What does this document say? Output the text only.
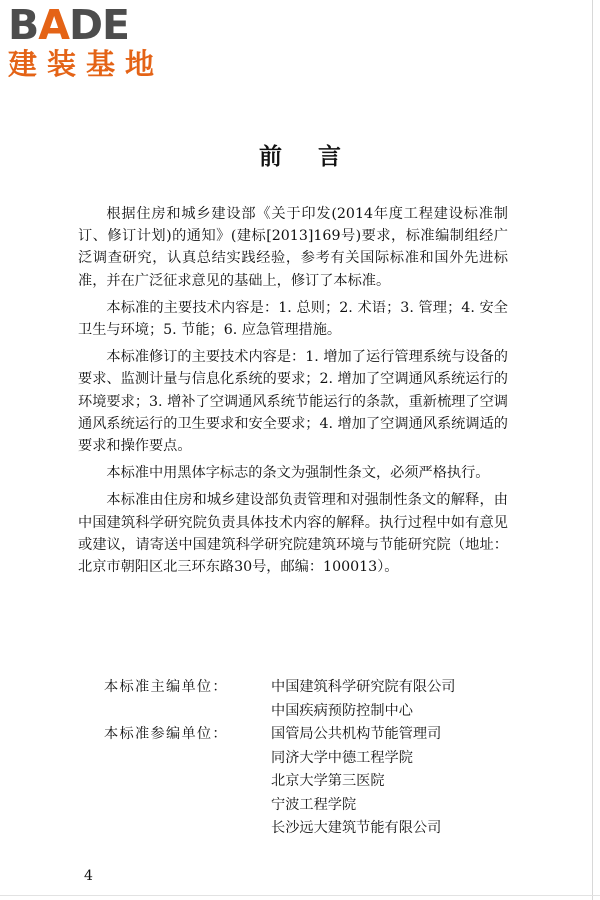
BADE
建装基地
前言

根据住房和城乡建设部《关于印发(2014年度工程建设标准制订、修订计划)的通知》(建标[2013]169号)要求，标准编制组经广泛调查研究，认真总结实践经验，参考有关国际标准和国外先进标准，并在广泛征求意见的基础上，修订了本标准。

本标准的主要技术内容是：1. 总则；2. 术语；3. 管理；4. 安全卫生与环境；5. 节能；6. 应急管理措施。

本标准修订的主要技术内容是：1. 增加了运行管理系统与设备的要求、监测计量与信息化系统的要求；2. 增加了空调通风系统运行的环境要求；3. 增补了空调通风系统节能运行的条款，重新梳理了空调通风系统运行的卫生要求和安全要求；4. 增加了空调通风系统调适的要求和操作要点。

本标准中用黑体字标志的条文为强制性条文，必须严格执行。

本标准由住房和城乡建设部负责管理和对强制性条文的解释，由中国建筑科学研究院负责具体技术内容的解释。执行过程中如有意见或建议，请寄送中国建筑科学研究院建筑环境与节能研究院（地址：北京市朝阳区北三环东路30号，邮编：100013）。

本标准主编单位：	中国建筑科学研究院有限公司
中国疾病预防控制中心
本标准参编单位：	国管局公共机构节能管理司
同济大学中德工程学院
北京大学第三医院
宁波工程学院
长沙远大建筑节能有限公司
4
